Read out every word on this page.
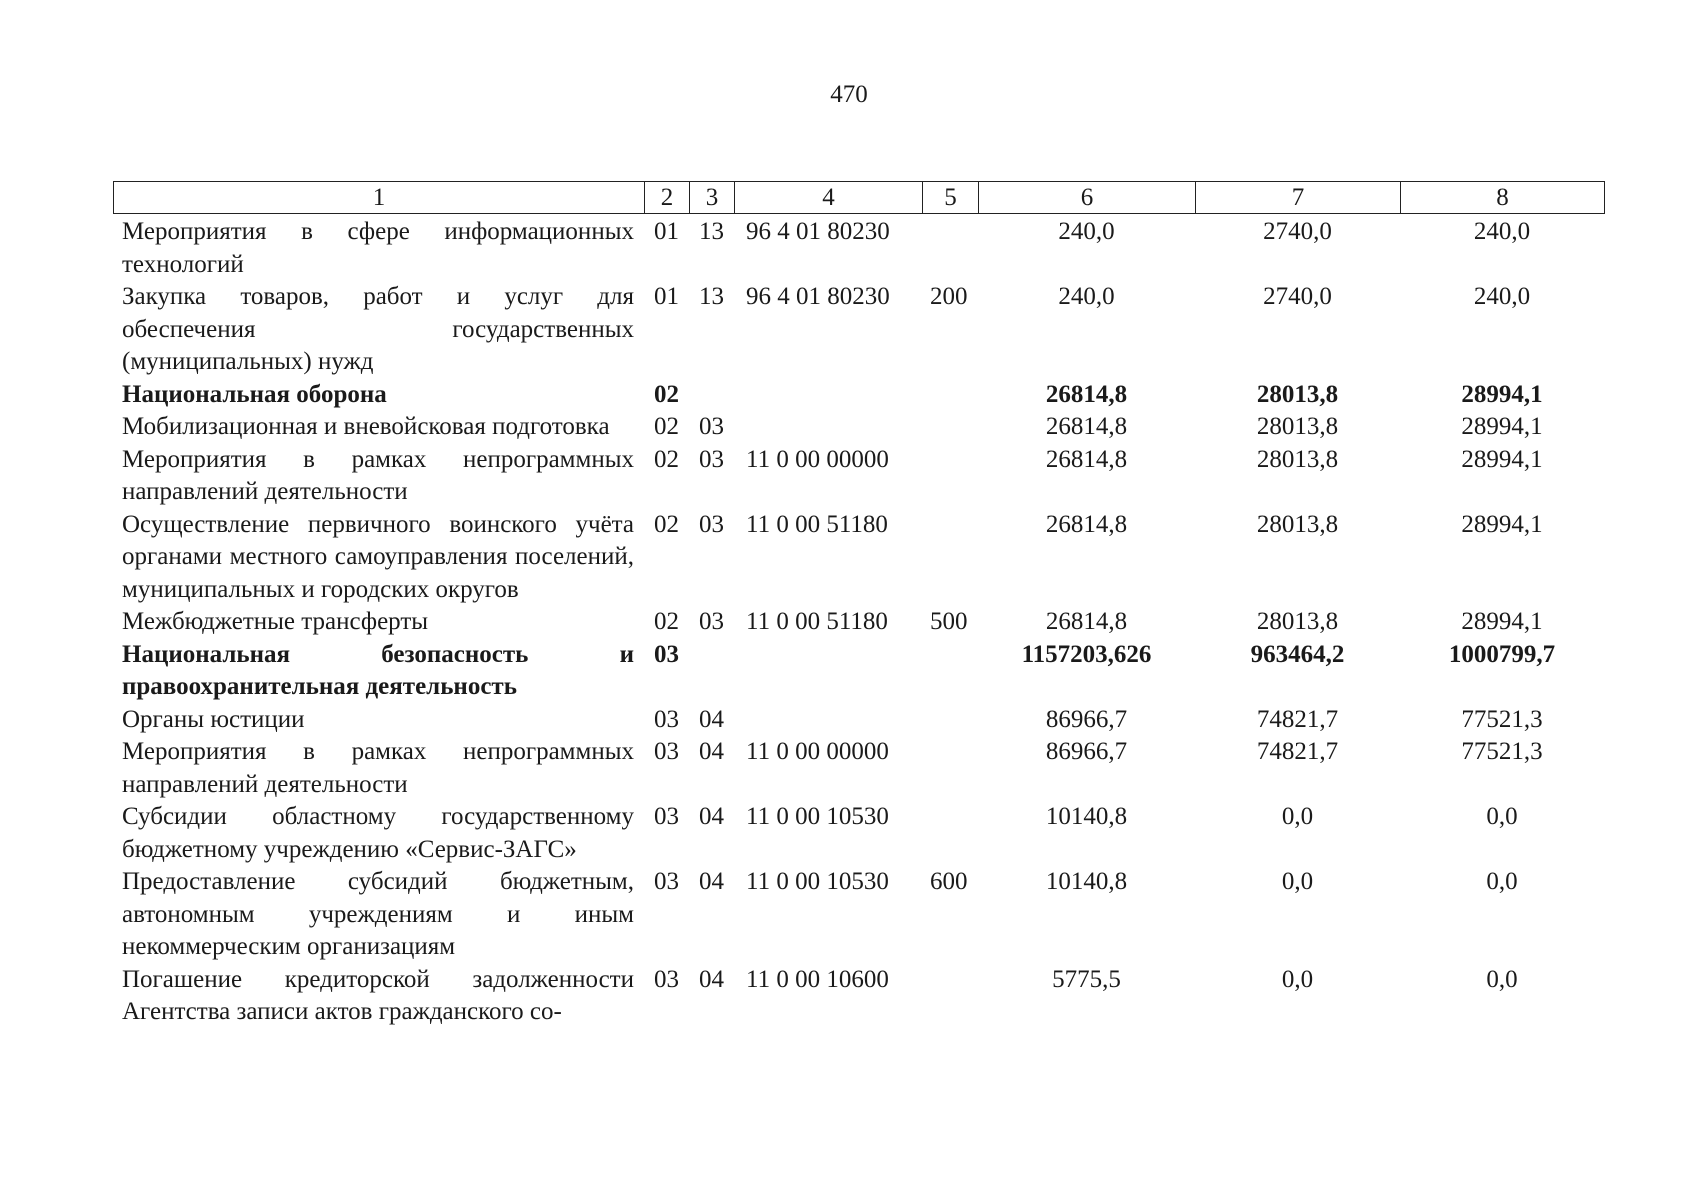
470
1	2	3	4	5	6	7	8
Мероприятия в сфере информационных технологий	01	13	96 4 01 80230		240,0	2740,0	240,0
Закупка товаров, работ и услуг для обеспечения государственных (муниципальных) нужд	01	13	96 4 01 80230	200	240,0	2740,0	240,0
Национальная оборона	02				26814,8	28013,8	28994,1
Мобилизационная и вневойсковая подготовка	02	03			26814,8	28013,8	28994,1
Мероприятия в рамках непрограммных направлений деятельности	02	03	11 0 00 00000		26814,8	28013,8	28994,1
Осуществление первичного воинского учёта органами местного самоуправления поселений, муниципальных и городских округов	02	03	11 0 00 51180		26814,8	28013,8	28994,1
Межбюджетные трансферты	02	03	11 0 00 51180	500	26814,8	28013,8	28994,1
Национальная безопасность и правоохранительная деятельность	03				1157203,626	963464,2	1000799,7
Органы юстиции	03	04			86966,7	74821,7	77521,3
Мероприятия в рамках непрограммных направлений деятельности	03	04	11 0 00 00000		86966,7	74821,7	77521,3
Субсидии областному государственному бюджетному учреждению «Сервис-ЗАГС»	03	04	11 0 00 10530		10140,8	0,0	0,0
Предоставление субсидий бюджетным, автономным учреждениям и иным некоммерческим организациям	03	04	11 0 00 10530	600	10140,8	0,0	0,0
Погашение кредиторской задолженности Агентства записи актов гражданского со-	03	04	11 0 00 10600		5775,5	0,0	0,0
